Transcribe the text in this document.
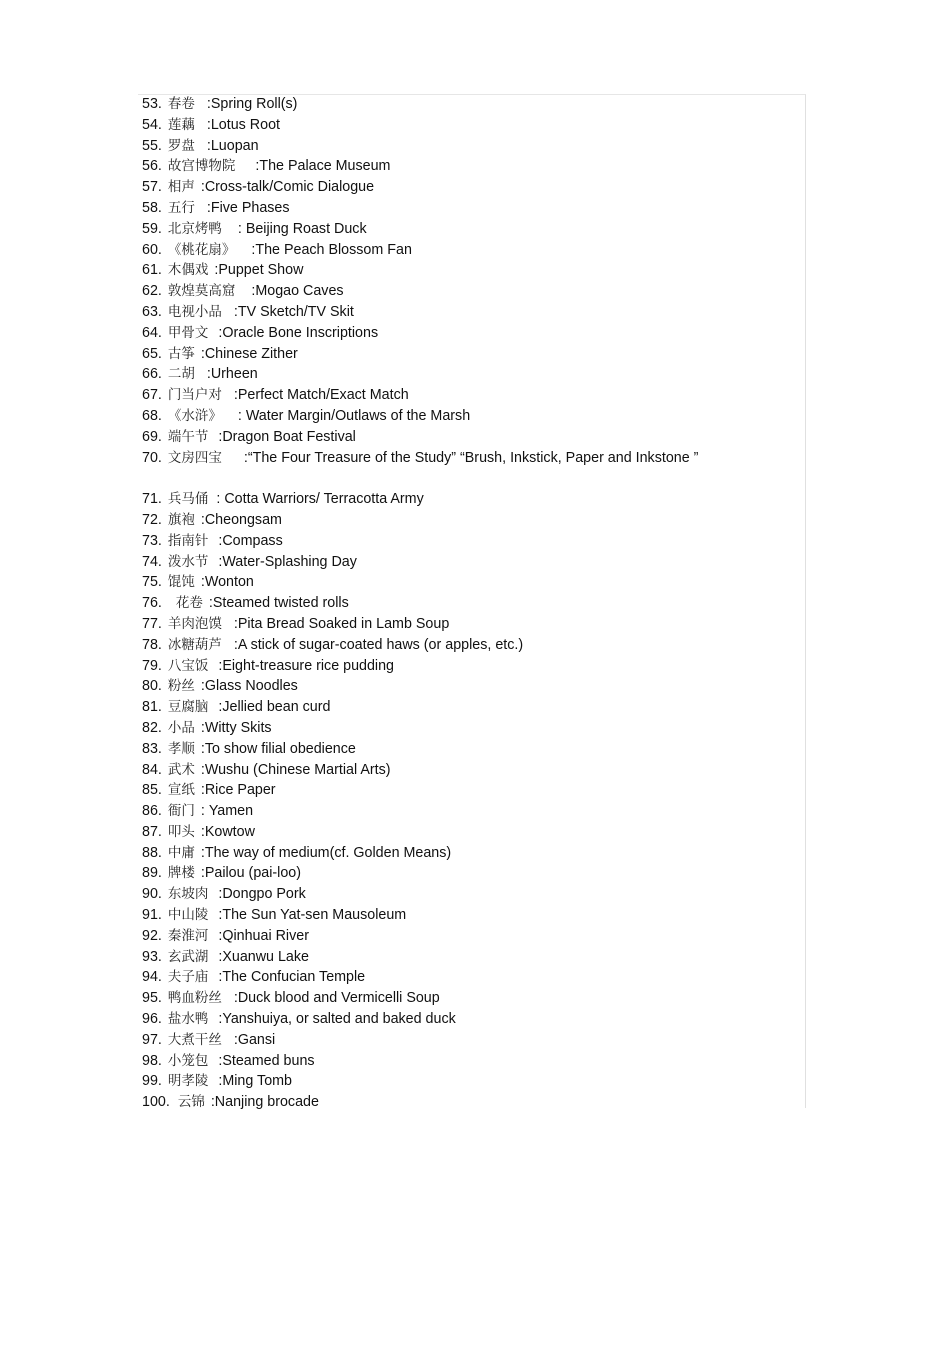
53. 春卷 :Spring Roll(s)
54. 莲藕 :Lotus Root
55. 罗盘 :Luopan
56. 故宫博物院 :The Palace Museum
57. 相声 :Cross-talk/Comic Dialogue
58. 五行 :Five Phases
59. 北京烤鸭 : Beijing Roast Duck
60. 《桃花扇》 :The Peach Blossom Fan
61. 木偶戏 :Puppet Show
62. 敦煌莫高窟 :Mogao Caves
63. 电视小品 :TV Sketch/TV Skit
64. 甲骨文 :Oracle Bone Inscriptions
65. 古筝 :Chinese Zither
66. 二胡 :Urheen
67. 门当户对 :Perfect Match/Exact Match
68. 《水浒》 : Water Margin/Outlaws of the Marsh
69. 端午节 :Dragon Boat Festival
70. 文房四宝 :“The Four Treasure of the Study” “Brush, Inkstick, Paper and Inkstone ”
71. 兵马俑 : Cotta Warriors/ Terracotta Army
72. 旗袍 :Cheongsam
73. 指南针 :Compass
74. 泼水节 :Water-Splashing Day
75. 馄饨 :Wonton
76. 花卷 :Steamed twisted rolls
77. 羊肉泡馍 :Pita Bread Soaked in Lamb Soup
78. 冰糖葫芦 :A stick of sugar-coated haws (or apples, etc.)
79. 八宝饭 :Eight-treasure rice pudding
80. 粉丝 :Glass Noodles
81. 豆腐脑 :Jellied bean curd
82. 小品 :Witty Skits
83. 孝顺 :To show filial obedience
84. 武术 :Wushu (Chinese Martial Arts)
85. 宣纸 :Rice Paper
86. 衙门 : Yamen
87. 叩头 :Kowtow
88. 中庸 :The way of medium(cf. Golden Means)
89. 牌楼 :Pailou (pai-loo)
90. 东坡肉 :Dongpo Pork
91. 中山陵 :The Sun Yat-sen Mausoleum
92. 秦淮河 :Qinhuai River
93. 玄武湖 :Xuanwu Lake
94. 夫子庙 :The Confucian Temple
95. 鸭血粉丝 :Duck blood and Vermicelli Soup
96. 盐水鸭 :Yanshuiya, or salted and baked duck
97. 大煮干丝 :Gansi
98. 小笼包 :Steamed buns
99. 明孝陵 :Ming Tomb
100. 云锦 :Nanjing brocade
